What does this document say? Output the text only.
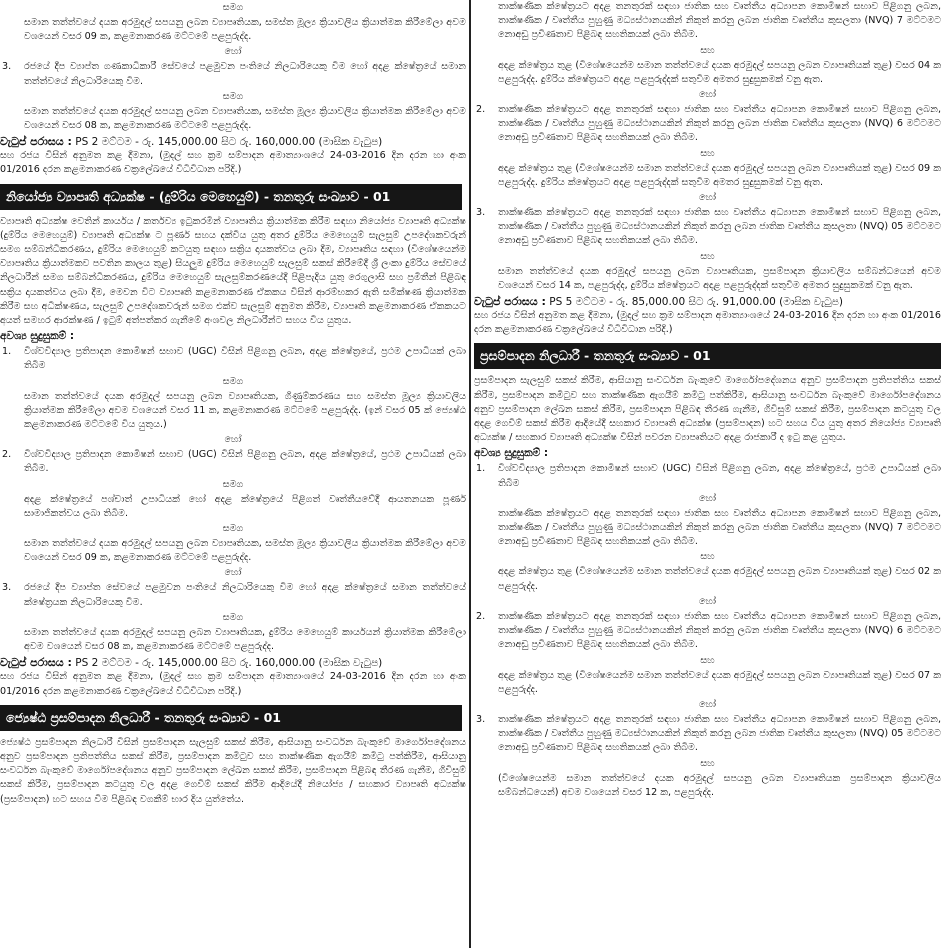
සමග

සමාන තත්ත්වයේ දයක අරමුදල් සපයනු ලබන ව්‍යාපෘතියක, සමස්ත මූල්‍ය ක්‍රියාවලිය ක්‍රියාත්මක කිරීමේලා අවම වශයෙන් වසර 09 ක, කළමනාකරණ මට්ටමේ පළපුරුද්ද.

හෝ

3. රජයේ දීප ව්‍යාප්ත ගණකාධිකාරී සේවයේ පළමුවන පංතියේ නිලධාරියෙකු විම හෝ අදළ ක්ෂේත්‍රයේ සමාන තත්ත්වයේ නිලධාරියෙකු විම.

සමග

සමාන තත්ත්වයේ දයක අරමුදල් සපයනු ලබන ව්‍යාපෘතියක, සමස්ත මූල්‍ය ක්‍රියාවලිය ක්‍රියාත්මක කිරීමේලා අවම වශයෙන් වසර 08 ක, කළමනාකරණ මට්ටමේ පළපුරුද්ද.

වැටුප් පරාසය : PS 2 මට්ටම - රු. 145,000.00 සිට රු. 160,000.00 (මාසික වැටුප)

සහ රජය විසින් අනුමත කළ දීමනා, (මුදල් සහ ක්‍රම සම්පාදන අමාත්‍යාංශයේ 24-03-2016 දින දරන හා අංක 01/2016 දරන කළමනාකරණ චක්‍රලේඛයේ විධිවිධාන පරිදි.)

නියෝජ්‍ය ව්‍යාපෘති අධ්‍යක්ෂ - (දුම්රිය මෙහෙයුම්) - තනතුරු සංඛ්‍යාව - 01

ව්‍යාපෘති අධ්‍යක්ෂ වෙතින් කාර්යය / කර්තව්‍ය ඉටුකරමින් ව්‍යාපෘතිය ක්‍රියාත්මක කිරීම සඳහා නියෝජ්‍ය ව්‍යාපෘති අධ්‍යක්ෂ (දුම්රිය මෙහෙයුම්) ව්‍යාපෘති අධ්‍යක්ෂ ට පූර්ණ සහය දක්වීය යුතු අතර දුම්රිය මෙහෙයුම් සැලසුම් උපදේශකවරුන් සමග සම්බන්ධීකරණය, දුම්රිය මෙහෙයුම් කටයුතු සඳහා සක්‍රිය දායකත්වය ලබා දීම, ව්‍යාපෘතිය සඳහා (විශේෂයෙන්ම ව්‍යාපෘතිය ක්‍රියාත්මකව පවතින කාලය තුළ) සියලුම දුම්රිය මෙහෙයුම් සැලසුම් සකස් කිරීමේදී ශ්‍රී ලංකා දුම්රිය සේවයේ නිලධාරීන් සමග සම්බන්ධීකරණය, දුම්රිය මෙහෙයුම් සැලසුම්කරණයේදී පිළිපැදිය යුතු රෙගුලාසි සහ ප්‍රමිතීන් පිළිබඳ සක්‍රිය දායකත්වය ලබා දීම, මෙවන විට ව්‍යාපෘති කළමනාකරණ ඒකකය විසින් ආරම්භකර ඇති සමීක්ෂණ ක්‍රියාත්මක කිරීම සහ අධීක්ෂණය, සැලසුම් උපදේශකවරුන් සමග එක්ව සැලසුම් අනුමත කිරීම, ව්‍යාපෘති කළමනාකරණ ඒකකයට අයත් සමහර ආරක්ෂණ / ඉටුම් අත්පත්කර ගැනීමේ අංශවල නිලධාරීන්ට සහය විය යුතුය.

අවශ්‍ය සුදුසුකම් :

1. විශ්වවිද්‍යාල ප්‍රතිපාදන කොමිෂන් සභාව (UGC) විසින් පිළිගනු ලබන, අදළ ක්ෂේත්‍රයේ, ප්‍රථම උපාධියක් ලබා තිබීම

සමග

සමාන තත්ත්වයේ දයක අරමුදල් සපයනු ලබන ව්‍යාපෘතියක, ගිණුම්කරණය සහ සමස්ත මූල්‍ය ක්‍රියාවලිය ක්‍රියාත්මක කිරීමේලා අවම වශයෙන් වසර 11 ක, කළමනාකරණ මට්ටමේ පළපුරුද්ද. (ඉන් වසර 05 ක් ජ්‍යෙෂ්ඨ කළමනාකරණ මට්ටමේ විය යුතුය.)

හෝ

2. විශ්වවිද්‍යාල ප්‍රතිපාදන කොමිෂන් සභාව (UGC) විසින් පිළිගනු ලබන, අදළ ක්ෂේත්‍රයේ, ප්‍රථම උපාධියක් ලබා තිබීම.

සමග

අදළ ක්ෂේත්‍රයේ පශ්චාත් උපාධියක් හෝ අදළ ක්ෂේත්‍රයේ පිළිගත් වෘත්තීයවේදී ආයතනයක පූර්ණ සාමාජිකත්වය ලබා තිබීම.

සමග

සමාන තත්ත්වයේ දයක අරමුදල් සපයනු ලබන ව්‍යාපෘතියක, සමස්ත මූල්‍ය ක්‍රියාවලිය ක්‍රියාත්මක කිරීමේලා අවම වශයෙන් වසර 09 ක, කළමනාකරණ මට්ටමේ පළපුරුද්ද.

හෝ

3. රජයේ දීප ව්‍යාප්ත සේවයේ පළමුවන පංතියේ නිලධාරියෙකු විම හෝ අදළ ක්ෂේත්‍රයේ සමාන තත්ත්වයේ ක්ෂේත්‍රයක නිලධාරියෙකු විම.

සමග

සමාන තත්ත්වයේ දයක අරමුදල් සපයනු ලබන ව්‍යාපෘතියක, දුම්රිය මෙහෙයුම් කාර්යයන් ක්‍රියාත්මක කිරීමේලා අවම වශයෙන් වසර 08 ක, කළමනාකරණ මට්ටමේ පළපුරුද්ද.

වැටුප් පරාසය : PS 2 මට්ටම - රු. 145,000.00 සිට රු. 160,000.00 (මාසික වැටුප)

සහ රජය විසින් අනුමත කළ දීමනා, (මුදල් සහ ක්‍රම සම්පාදන අමාත්‍යාංශයේ 24-03-2016 දින දරන හා අංක 01/2016 දරන කළමනාකරණ චක්‍රලේඛයේ විධිවිධාන පරිදි.)

ජ්‍යෙෂ්ඨ ප්‍රසම්පාදන නිලධාරී - තනතුරු සංඛ්‍යාව - 01

ජ්‍යෙෂ්ඨ ප්‍රසම්පාදන නිලධාරී විසින් ප්‍රසම්පාදන සැලසුම් සකස් කිරීම, ආසියානු සංවර්ධන බැංකුවේ මාර්ගෝපදේශනය අනුව ප්‍රසම්පාදන ප්‍රතිපත්තිය සකස් කිරීම, ප්‍රසම්පාදන කමිටුව සහ තාක්ෂණික ඇගයීම් කමිටු පත්කිරීම, ආසියානු සංවර්ධන බැංකුවේ මාර්ගෝපදේශනය අනුව ප්‍රසම්පාදන ලේඛන සකස් කිරීම, ප්‍රසම්පාදන පිළිබඳ තීරණ ගැනීම, ගිවිසුම් සකස් කිරීම, ප්‍රසම්පාදන කටයුතු වල අදළ ගෙවීම් සකස් කිරීම ආදියේදී නියෝජ්‍ය / සහකාර ව්‍යාපෘති අධ්‍යක්ෂ (ප්‍රසම්පාදන) හට සහය විම පිළිබඳ වගකීම් භාර දිය යුත්තේය.

තාක්ෂණික ක්ෂේත්‍රයට අදළ තනතුරක් සඳහා ජාතික සහ වෘත්තීය අධ්‍යාපන කොමිෂන් සභාව පිළිගනු ලබන, තාක්ෂණික / වෘත්තීය පුහුණු මධ්‍යස්ථානයකින් නිකුත් කරනු ලබන ජාතික වෘත්තීය කුසලතා (NVQ) 7 මට්ටමට නොඅඩු ප්‍රවීණතාව පිළිබඳ සහතිකයක් ලබා තිබීම.

සහ

අදළ ක්ෂේත්‍රය තුළ (විශේෂයෙන්ම සමාන තත්ත්වයේ දයක අරමුදල් සපයනු ලබන ව්‍යාපෘතියක් තුළ) වසර 04 ක පළපුරුද්ද. දුම්රිය ක්ෂේත්‍රයට අදළ පළපුරුද්දක් සතුවීම අමතර සුදුසුකමක් වනු ඇත.

හෝ

2. තාක්ෂණික ක්ෂේත්‍රයට අදළ තනතුරක් සඳහා ජාතික සහ වෘත්තීය අධ්‍යාපන කොමිෂන් සභාව පිළිගනු ලබන, තාක්ෂණික / වෘත්තීය පුහුණු මධ්‍යස්ථානයකින් නිකුත් කරනු ලබන ජාතික වෘත්තීය කුසලතා (NVQ) 6 මට්ටමට නොඅඩු ප්‍රවීණතාව පිළිබඳ සහතිකයක් ලබා තිබීම.

සහ

අදළ ක්ෂේත්‍රය තුළ (විශේෂයෙන්ම සමාන තත්ත්වයේ දයක අරමුදල් සපයනු ලබන ව්‍යාපෘතියක් තුළ) වසර 09 ක පළපුරුද්ද. දුම්රිය ක්ෂේත්‍රයට අදළ පළපුරුද්දක් සතුවීම අමතර සුදුසුකමක් වනු ඇත.

හෝ

3. තාක්ෂණික ක්ෂේත්‍රයට අදළ තනතුරක් සඳහා ජාතික සහ වෘත්තීය අධ්‍යාපන කොමිෂන් සභාව පිළිගනු ලබන, තාක්ෂණික / වෘත්තීය පුහුණු මධ්‍යස්ථානයකින් නිකුත් කරනු ලබන ජාතික වෘත්තීය කුසලතා (NVQ) 05 මට්ටමට නොඅඩු ප්‍රවීණතාව පිළිබඳ සහතිකයක් ලබා තිබීම.

සහ

සමාන තත්ත්වයේ දයක අරමුදල් සපයනු ලබන ව්‍යාපෘතියක, ප්‍රසම්පාදන ක්‍රියාවලිය සම්බන්ධයෙන් අවම වශයෙන් වසර 14 ක, පළපුරුද්ද, දුම්රිය ක්ෂේත්‍රයට අදළ පළපුරුද්දක් සතුවීම අමතර සුදුසුකමක් වනු ඇත.

වැටුප් පරාසය : PS 5 මට්ටම - රු. 85,000.00 සිට රු. 91,000.00 (මාසික වැටුප)

සහ රජය විසින් අනුමත කළ දීමනා, (මුදල් සහ ක්‍රම සම්පාදන අමාත්‍යාංශයේ 24-03-2016 දින දරන හා අංක 01/2016 දරන කළමනාකරණ චක්‍රලේඛයේ විධිවිධාන පරිදි.)

ප්‍රසම්පාදන නිලධාරී - තනතුරු සංඛ්‍යාව - 01

ප්‍රසම්පාදන සැලසුම් සකස් කිරීම, ආසියානු සංවර්ධන බැංකුවේ මාර්ගෝපදේශනය අනුව ප්‍රසම්පාදන ප්‍රතිපත්තිය සකස් කිරීම, ප්‍රසම්පාදන කමිටුව සහ තාක්ෂණික ඇගයීම් කමිටු පත්කිරීම, ආසියානු සංවර්ධන බැංකුවේ මාර්ගෝපදේශනය අනුව ප්‍රසම්පාදන ලේඛන සකස් කිරීම, ප්‍රසම්පාදන පිළිබඳ තීරණ ගැනීම, ගිවිසුම් සකස් කිරීම, ප්‍රසම්පාදන කටයුතු වල අදළ ගෙවීම් සකස් කිරීම ආදියේදී සහකාර ව්‍යාපෘති අධ්‍යක්ෂ (ප්‍රසම්පාදන) හට සහය විය යුතු අතර නියෝජ්‍ය ව්‍යාපෘති අධ්‍යක්ෂ / සහකාර ව්‍යාපෘති අධ්‍යක්ෂ විසින් පවරන ව්‍යාපෘතියට අදළ රාජකාරී ද ඉටු කළ යුතුය.

අවශ්‍ය සුදුසුකම් :

1. විශ්වවිද්‍යාල ප්‍රතිපාදන කොමිෂන් සභාව (UGC) විසින් පිළිගනු ලබන, අදළ ක්ෂේත්‍රයේ, ප්‍රථම උපාධියක් ලබා තිබීම

හෝ

තාක්ෂණික ක්ෂේත්‍රයට අදළ තනතුරක් සඳහා ජාතික සහ වෘත්තීය අධ්‍යාපන කොමිෂන් සභාව පිළිගනු ලබන, තාක්ෂණික / වෘත්තීය පුහුණු මධ්‍යස්ථානයකින් නිකුත් කරනු ලබන ජාතික වෘත්තීය කුසලතා (NVQ) 7 මට්ටමට නොඅඩු ප්‍රවීණතාව පිළිබඳ සහතිකයක් ලබා තිබීම.

සහ

අදළ ක්ෂේත්‍රය තුළ (විශේෂයෙන්ම සමාන තත්ත්වයේ දයක අරමුදල් සපයනු ලබන ව්‍යාපෘතියක් තුළ) වසර 02 ක පළපුරුද්ද.

හෝ

2. තාක්ෂණික ක්ෂේත්‍රයට අදළ තනතුරක් සඳහා ජාතික සහ වෘත්තීය අධ්‍යාපන කොමිෂන් සභාව පිළිගනු ලබන, තාක්ෂණික / වෘත්තීය පුහුණු මධ්‍යස්ථානයකින් නිකුත් කරනු ලබන ජාතික වෘත්තීය කුසලතා (NVQ) 6 මට්ටමට නොඅඩු ප්‍රවීණතාව පිළිබඳ සහතිකයක් ලබා තිබීම.

සහ

අදළ ක්ෂේත්‍රය තුළ (විශේෂයෙන්ම සමාන තත්ත්වයේ දයක අරමුදල් සපයනු ලබන ව්‍යාපෘතියක් තුළ) වසර 07 ක පළපුරුද්ද.

හෝ

3. තාක්ෂණික ක්ෂේත්‍රයට අදළ තනතුරක් සඳහා ජාතික සහ වෘත්තීය අධ්‍යාපන කොමිෂන් සභාව පිළිගනු ලබන, තාක්ෂණික / වෘත්තීය පුහුණු මධ්‍යස්ථානයකින් නිකුත් කරනු ලබන ජාතික වෘත්තීය කුසලතා (NVQ) 05 මට්ටමට නොඅඩු ප්‍රවීණතාව පිළිබඳ සහතිකයක් ලබා තිබීම.

සහ

(විශේෂයෙන්ම සමාන තත්ත්වයේ දයක අරමුදල් සපයනු ලබන ව්‍යාපෘතියක ප්‍රසම්පාදන ක්‍රියාවලිය සම්බන්ධයෙන්) අවම වශයෙන් වසර 12 ක, පළපුරුද්ද.
